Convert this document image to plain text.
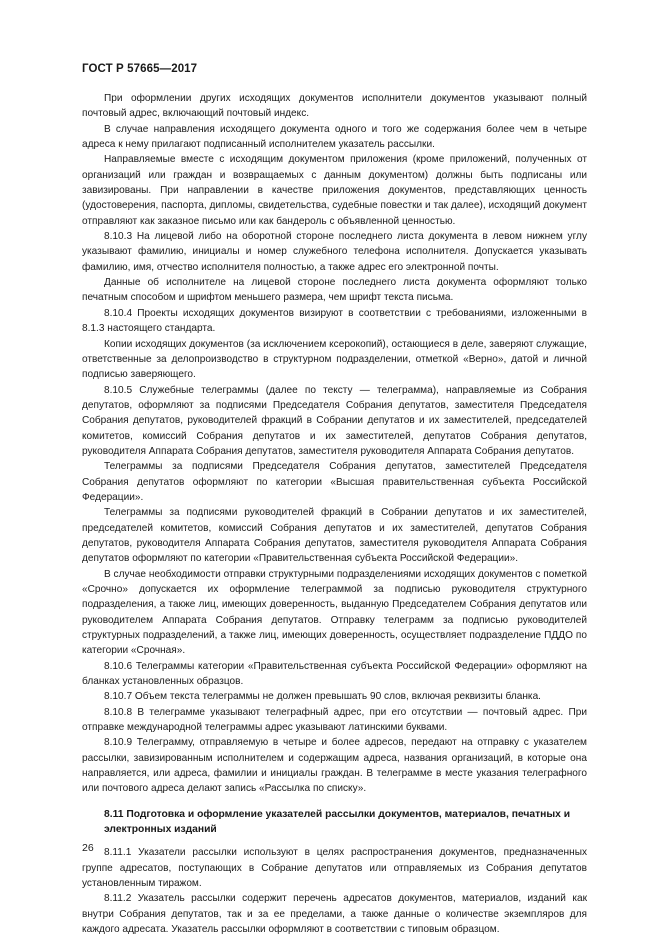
ГОСТ Р 57665—2017

При оформлении других исходящих документов исполнители документов указывают полный почтовый адрес, включающий почтовый индекс.

В случае направления исходящего документа одного и того же содержания более чем в четыре адреса к нему прилагают подписанный исполнителем указатель рассылки.

Направляемые вместе с исходящим документом приложения (кроме приложений, полученных от организаций или граждан и возвращаемых с данным документом) должны быть подписаны или завизированы. При направлении в качестве приложения документов, представляющих ценность (удостоверения, паспорта, дипломы, свидетельства, судебные повестки и так далее), исходящий документ отправляют как заказное письмо или как бандероль с объявленной ценностью.

8.10.3 На лицевой либо на оборотной стороне последнего листа документа в левом нижнем углу указывают фамилию, инициалы и номер служебного телефона исполнителя. Допускается указывать фамилию, имя, отчество исполнителя полностью, а также адрес его электронной почты.

Данные об исполнителе на лицевой стороне последнего листа документа оформляют только печатным способом и шрифтом меньшего размера, чем шрифт текста письма.

8.10.4 Проекты исходящих документов визируют в соответствии с требованиями, изложенными в 8.1.3 настоящего стандарта.

Копии исходящих документов (за исключением ксерокопий), остающиеся в деле, заверяют служащие, ответственные за делопроизводство в структурном подразделении, отметкой «Верно», датой и личной подписью заверяющего.

8.10.5 Служебные телеграммы (далее по тексту — телеграмма), направляемые из Собрания депутатов, оформляют за подписями Председателя Собрания депутатов, заместителя Председателя Собрания депутатов, руководителей фракций в Собрании депутатов и их заместителей, председателей комитетов, комиссий Собрания депутатов и их заместителей, депутатов Собрания депутатов, руководителя Аппарата Собрания депутатов, заместителя руководителя Аппарата Собрания депутатов.

Телеграммы за подписями Председателя Собрания депутатов, заместителей Председателя Собрания депутатов оформляют по категории «Высшая правительственная субъекта Российской Федерации».

Телеграммы за подписями руководителей фракций в Собрании депутатов и их заместителей, председателей комитетов, комиссий Собрания депутатов и их заместителей, депутатов Собрания депутатов, руководителя Аппарата Собрания депутатов, заместителя руководителя Аппарата Собрания депутатов оформляют по категории «Правительственная субъекта Российской Федерации».

В случае необходимости отправки структурными подразделениями исходящих документов с пометкой «Срочно» допускается их оформление телеграммой за подписью руководителя структурного подразделения, а также лиц, имеющих доверенность, выданную Председателем Собрания депутатов или руководителем Аппарата Собрания депутатов. Отправку телеграмм за подписью руководителей структурных подразделений, а также лиц, имеющих доверенность, осуществляет подразделение ПДДО по категории «Срочная».

8.10.6 Телеграммы категории «Правительственная субъекта Российской Федерации» оформляют на бланках установленных образцов.

8.10.7 Объем текста телеграммы не должен превышать 90 слов, включая реквизиты бланка.

8.10.8 В телеграмме указывают телеграфный адрес, при его отсутствии — почтовый адрес. При отправке международной телеграммы адрес указывают латинскими буквами.

8.10.9 Телеграмму, отправляемую в четыре и более адресов, передают на отправку с указателем рассылки, завизированным исполнителем и содержащим адреса, названия организаций, в которые она направляется, или адреса, фамилии и инициалы граждан. В телеграмме в месте указания телеграфного или почтового адреса делают запись «Рассылка по списку».

8.11 Подготовка и оформление указателей рассылки документов, материалов, печатных и электронных изданий

8.11.1 Указатели рассылки используют в целях распространения документов, предназначенных группе адресатов, поступающих в Собрание депутатов или отправляемых из Собрания депутатов установленным тиражом.

8.11.2 Указатель рассылки содержит перечень адресатов документов, материалов, изданий как внутри Собрания депутатов, так и за ее пределами, а также данные о количестве экземпляров для каждого адресата. Указатель рассылки оформляют в соответствии с типовым образцом.

26
